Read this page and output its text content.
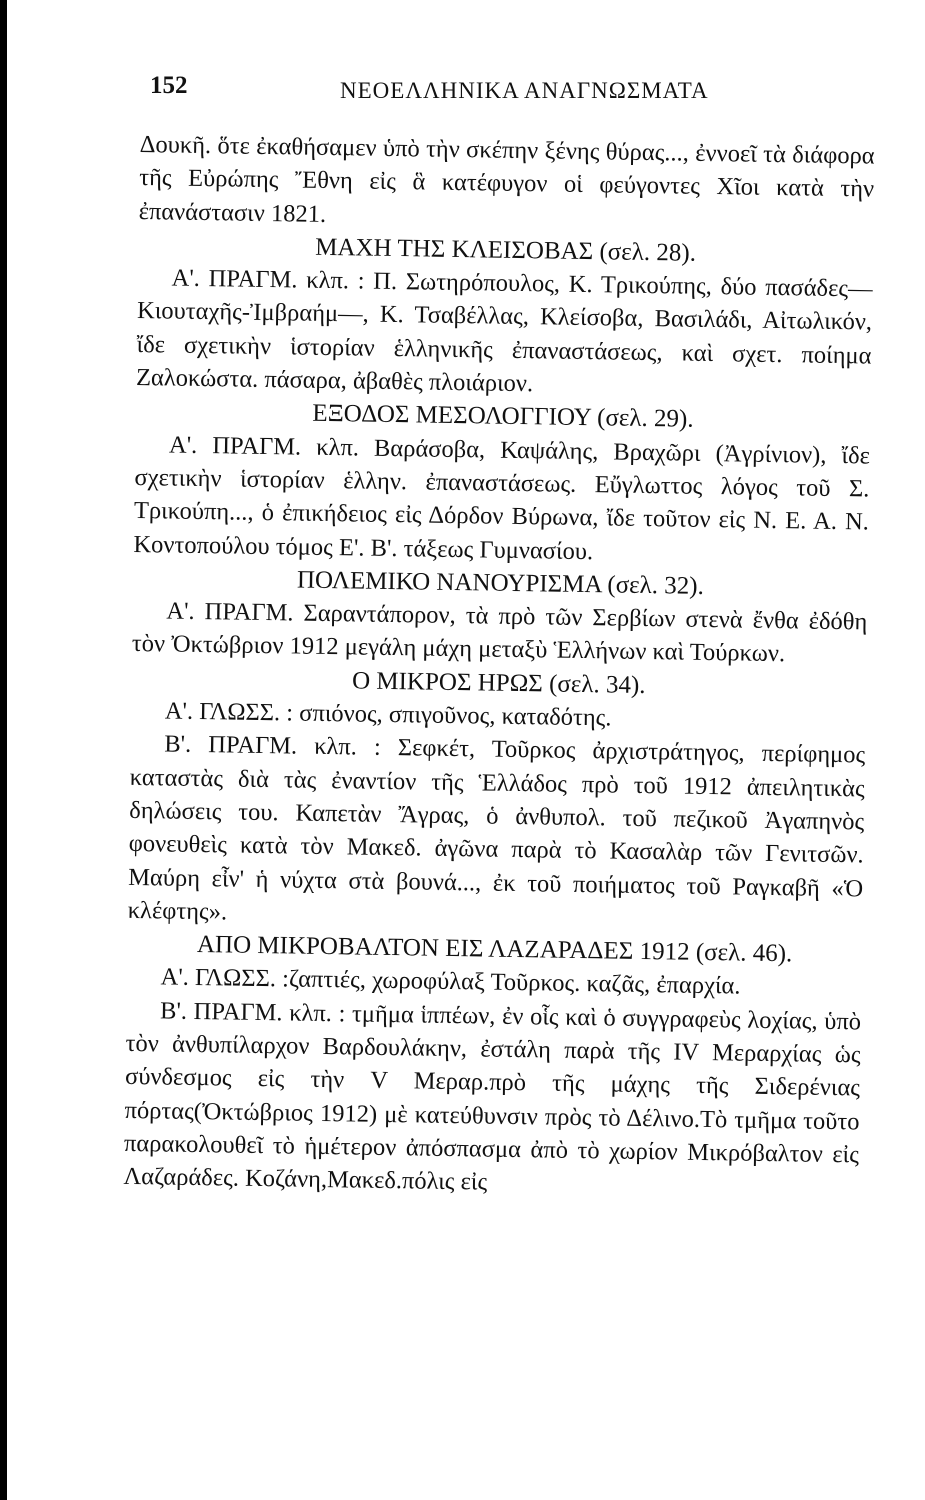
152	ΝΕΟΕΛΛΗΝΙΚΑ ΑΝΑΓΝΩΣΜΑΤΑ

Δουκῆ. ὅτε ἐκαθήσαμεν ὑπὸ τὴν σκέπην ξένης θύρας..., ἐννοεῖ τὰ διάφορα τῆς Εὐρώπης Ἔθνη εἰς ἃ κατέφυγον οἱ φεύγοντες Χῖοι κατὰ τὴν ἐπανάστασιν 1821.

ΜΑΧΗ ΤΗΣ ΚΛΕΙΣΟΒΑΣ (σελ. 28).

Α'. ΠΡΑΓΜ. κλπ. : Π. Σωτηρόπουλος, Κ. Τρικούπης, δύο πασάδες—Κιουταχῆς-Ἰμβραήμ—, Κ. Τσαβέλλας, Κλείσοβα, Βασιλάδι, Αἰτωλικόν, ἴδε σχετικὴν ἱστορίαν ἑλληνικῆς ἐπαναστάσεως, καὶ σχετ. ποίημα Ζαλοκώστα. πάσαρα, ἀβαθὲς πλοιάριον.

ΕΞΟΔΟΣ ΜΕΣΟΛΟΓΓΙΟΥ (σελ. 29).

Α'. ΠΡΑΓΜ. κλπ. Βαράσοβα, Καψάλης, Βραχῶρι (Ἀγρίνιον), ἴδε σχετικὴν ἱστορίαν ἑλλην. ἐπαναστάσεως. Εὔγλωττος λόγος τοῦ Σ. Τρικούπη..., ὁ ἐπικήδειος εἰς Δόρδον Βύρωνα, ἴδε τοῦτον εἰς Ν. Ε. Α. Ν. Κοντοπούλου τόμος Ε'. Β'. τάξεως Γυμνασίου.

ΠΟΛΕΜΙΚΟ ΝΑΝΟΥΡΙΣΜΑ (σελ. 32).

Α'. ΠΡΑΓΜ. Σαραντάπορον, τὰ πρὸ τῶν Σερβίων στενὰ ἔνθα ἐδόθη τὸν Ὀκτώβριον 1912 μεγάλη μάχη μεταξὺ Ἑλλήνων καὶ Τούρκων.

Ο ΜΙΚΡΟΣ ΗΡΩΣ (σελ. 34).

Α'. ΓΛΩΣΣ. : σπιόνος, σπιγοῦνος, καταδότης.

Β'. ΠΡΑΓΜ. κλπ. : Σεφκέτ, Τοῦρκος ἀρχιστράτηγος, περίφημος καταστὰς διὰ τὰς ἐναντίον τῆς Ἑλλάδος πρὸ τοῦ 1912 ἀπειλητικὰς δηλώσεις του. Καπετὰν Ἄγρας, ὁ ἀνθυπολ. τοῦ πεζικοῦ Ἀγαπηνὸς φονευθεὶς κατὰ τὸν Μακεδ. ἀγῶνα παρὰ τὸ Κασαλὰρ τῶν Γενιτσῶν. Μαύρη εἶν' ἡ νύχτα στὰ βουνά..., ἐκ τοῦ ποιήματος τοῦ Ραγκαβῆ «Ὁ κλέφτης».

ΑΠΟ ΜΙΚΡΟΒΑΛΤΟΝ ΕΙΣ ΛΑΖΑΡΑΔΕΣ 1912 (σελ. 46).

Α'. ΓΛΩΣΣ. :ζαπτιές, χωροφύλαξ Τοῦρκος. καζᾶς, ἐπαρχία.

Β'. ΠΡΑΓΜ. κλπ. : τμῆμα ἱππέων, ἐν οἷς καὶ ὁ συγγραφεὺς λοχίας, ὑπὸ τὸν ἀνθυπίλαρχον Βαρδουλάκην, ἐστάλη παρὰ τῆς IV Μεραρχίας ὡς σύνδεσμος εἰς τὴν V Μεραρ.πρὸ τῆς μάχης τῆς Σιδερένιας πόρτας(Ὀκτώβριος 1912) μὲ κατεύθυνσιν πρὸς τὸ Δέλινο.Τὸ τμῆμα τοῦτο παρακολουθεῖ τὸ ἡμέτερον ἀπόσπασμα ἀπὸ τὸ χωρίον Μικρόβαλτον εἰς Λαζαράδες. Κοζάνη,Μακεδ.πόλις εἰς
